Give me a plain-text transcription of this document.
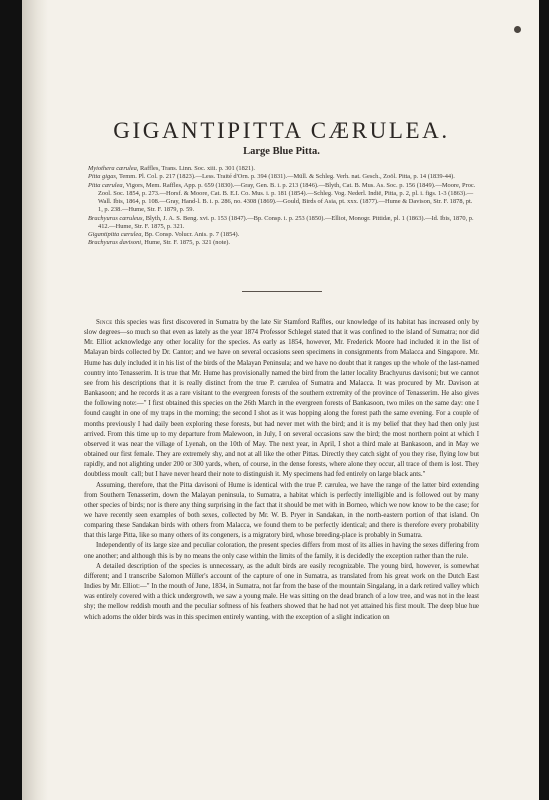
GIGANTIPITTA CÆRULEA.
Large Blue Pitta.

Myiothera cærulea, Raffles, Trans. Linn. Soc. xiii. p. 301 (1821).

Pitta gigas, Temm. Pl. Col. p. 217 (1823).—Less. Traité d'Orn. p. 394 (1831).—Müll. & Schleg. Verh. nat. Gesch., Zoöl. Pitta, p. 14 (1839-44).

Pitta cærulea, Vigors, Mem. Raffles, App. p. 659 (1830).—Gray, Gen. B. i. p. 213 (1846).—Blyth, Cat. B. Mus. As. Soc. p. 156 (1849).—Moore, Proc. Zool. Soc. 1854, p. 273.—Horsf. & Moore, Cat. B. E.I. Co. Mus. i. p. 181 (1854).—Schleg. Vog. Nederl. Indië, Pitta, p. 2, pl. i. figs. 1-3 (1863).—Wall. Ibis, 1864, p. 108.—Gray, Hand-l. B. i. p. 286, no. 4308 (1869).—Gould, Birds of Asia, pt. xxx. (1877).—Hume & Davison, Str. F. 1878, pt. 1, p. 238.—Hume, Str. F. 1879, p. 59.

Brachyurus cæruleus, Blyth, J. A. S. Beng. xvi. p. 153 (1847).—Bp. Consp. i. p. 253 (1850).—Elliot, Monogr. Pittidæ, pl. 1 (1863).—Id. Ibis, 1870, p. 412.—Hume, Str. F. 1875, p. 321.

Gigantipitta cærulea, Bp. Consp. Volucr. Anis. p. 7 (1854).

Brachyurus davisoni, Hume, Str. F. 1875, p. 321 (note).

Since this species was first discovered in Sumatra by the late Sir Stamford Raffles, our knowledge of its habitat has increased only by slow degrees—so much so that even as lately as the year 1874 Professor Schlegel stated that it was confined to the island of Sumatra; nor did Mr. Elliot acknowledge any other locality for the species. As early as 1854, however, Mr. Frederick Moore had included it in the list of Malayan birds collected by Dr. Cantor; and we have on several occasions seen specimens in consignments from Malacca and Singapore. Mr. Hume has duly included it in his list of the birds of the Malayan Peninsula; and we have no doubt that it ranges up the whole of the last-named country into Tenasserim. It is true that Mr. Hume has provisionally named the bird from the latter locality Brachyurus davisoni; but we cannot see from his descriptions that it is really distinct from the true P. cærulea of Sumatra and Malacca. It was procured by Mr. Davison at Bankasoon; and he records it as a rare visitant to the evergreen forests of the southern extremity of the province of Tenasserim. He also gives the following note:—" I first obtained this species on the 26th March in the evergreen forests of Bankasoon, two miles on the same day: one I found caught in one of my traps in the morning; the second I shot as it was hopping along the forest path the same evening. For a couple of months previously I had daily been exploring these forests, but had never met with the bird; and it is my belief that they had then only just arrived. From this time up to my departure from Malewoon, in July, I on several occasions saw the bird; the most northern point at which I observed it was near the village of Lyenah, on the 10th of May. The next year, in April, I shot a third male at Bankasoon, and in May we obtained our first female. They are extremely shy, and not at all like the other Pittas. Directly they catch sight of you they rise, flying low but rapidly, and not alighting under 200 or 300 yards, when, of course, in the dense forests, where alone they occur, all trace of them is lost. They doubtless moult  call; but I have never heard their note to distinguish it. My specimens had fed entirely on large black ants."

Assuming, therefore, that the Pitta davisoni of Hume is identical with the true P. cærulea, we have the range of the latter bird extending from Southern Tenasserim, down the Malayan peninsula, to Sumatra, a habitat which is perfectly intelligible and is followed out by many other species of birds; nor is there any thing surprising in the fact that it should be met with in Borneo, which we now know to be the case; for we have recently seen examples of both sexes, collected by Mr. W. B. Pryer in Sandakan, in the north-eastern portion of that island. On comparing these Sandakan birds with others from Malacca, we found them to be perfectly identical; and there is therefore every probability that this large Pitta, like so many others of its congeners, is a migratory bird, whose breeding-place is probably in Sumatra.

Independently of its large size and peculiar coloration, the present species differs from most of its allies in having the sexes differing from one another; and although this is by no means the only case within the limits of the family, it is decidedly the exception rather than the rule.

A detailed description of the species is unnecessary, as the adult birds are easily recognizable. The young bird, however, is somewhat different; and I transcribe Salomon Müller's account of the capture of one in Sumatra, as translated from his great work on the Dutch East Indies by Mr. Elliot:—" In the mouth of June, 1834, in Sumatra, not far from the base of the mountain Singalang, in a dark retired valley which was entirely covered with a thick undergrowth, we saw a young male. He was sitting on the dead branch of a low tree, and was not in the least shy; the mellow reddish mouth and the peculiar softness of his feathers showed that he had not yet attained his first moult. The deep blue hue which adorns the older birds was in this specimen entirely wanting, with the exception of a slight indication on
